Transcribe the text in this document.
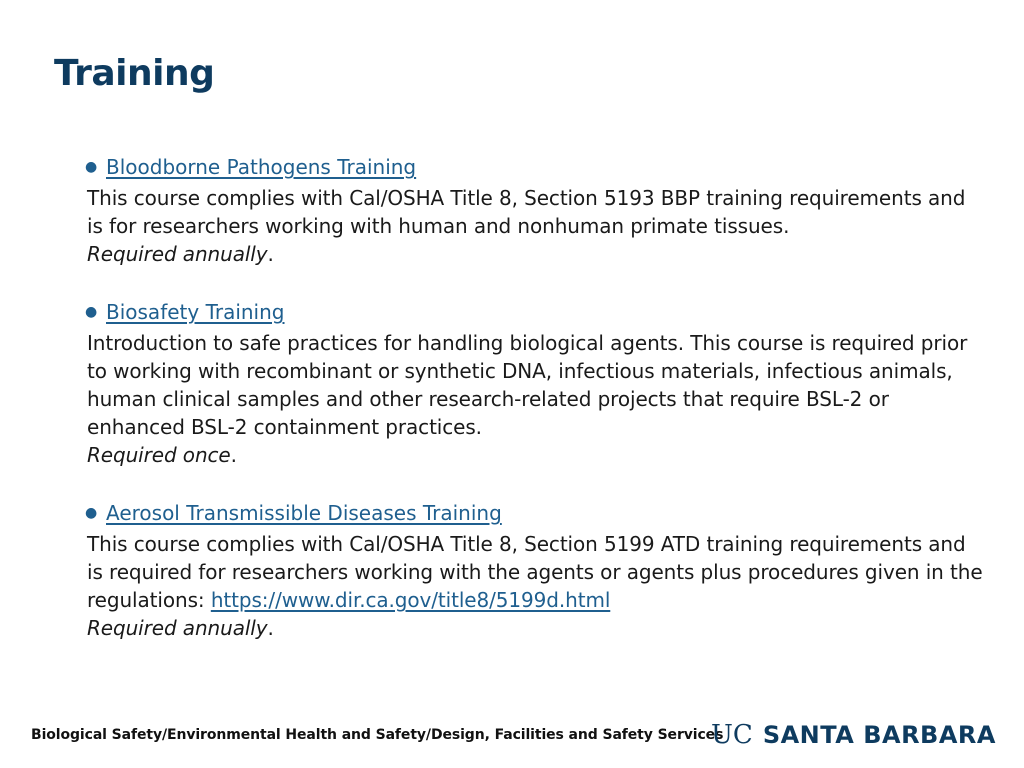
Training
● Bloodborne Pathogens Training

This course complies with Cal/OSHA Title 8, Section 5193 BBP training requirements and is for researchers working with human and nonhuman primate tissues.
Required annually.

● Biosafety Training

Introduction to safe practices for handling biological agents. This course is required prior to working with recombinant or synthetic DNA, infectious materials, infectious animals, human clinical samples and other research-related projects that require BSL-2 or enhanced BSL-2 containment practices.
Required once.

● Aerosol Transmissible Diseases Training

This course complies with Cal/OSHA Title 8, Section 5199 ATD training requirements and is required for researchers working with the agents or agents plus procedures given in the regulations: https://www.dir.ca.gov/title8/5199d.html
Required annually.

Biological Safety/Environmental Health and Safety/Design, Facilities and Safety Services
UC SANTA BARBARA
